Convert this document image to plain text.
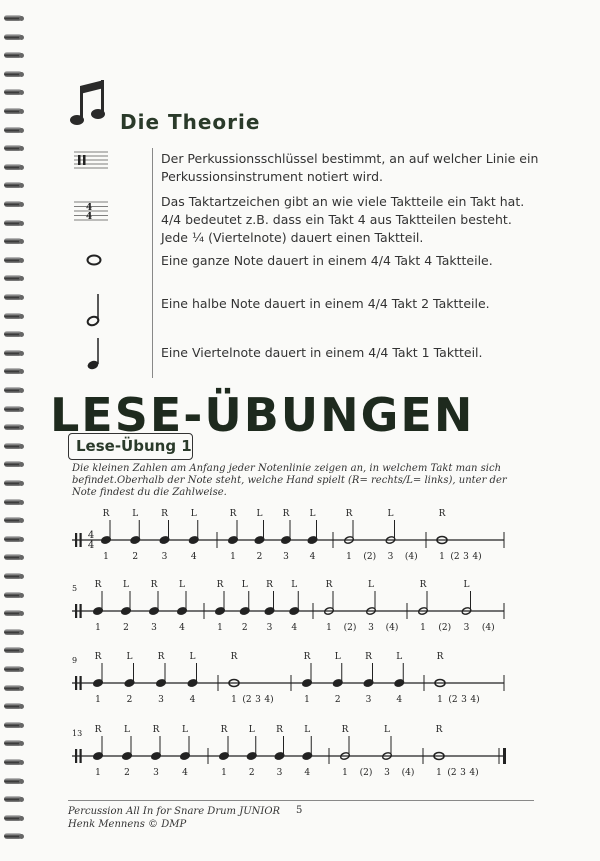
Die Theorie
Der Perkussionsschlüssel bestimmt, an auf welcher Linie ein Perkussionsinstrument notiert wird.
4
4
Das Taktartzeichen gibt an wie viele Taktteile ein Takt hat. 4/4 bedeutet z.B. dass ein Takt 4 aus Taktteilen besteht. Jede ¼ (Viertelnote) dauert einen Taktteil.
Eine ganze Note dauert in einem 4/4 Takt 4 Taktteile.
Eine halbe Note dauert in einem 4/4 Takt 2 Taktteile.
Eine Viertelnote dauert in einem 4/4 Takt 1 Taktteil.
LESE-ÜBUNGEN
Lese-Übung 1
Die kleinen Zahlen am Anfang jeder Notenlinie zeigen an, in welchem Takt man sich befindet.Oberhalb der Note steht, welche Hand spielt (R= rechts/L= links), unter der Note findest du die Zahlweise.
4
4
R	L	R	L
1	2	3	4
R L R L
1 2 3 4
R	L
1 (2) 3 (4)
R
1 (2 3 4)
5 R L R L
1 2 3 4
R L R L
1 2 3 4
R	L
1 (2) 3 (4)
R	L
1 (2) 3 (4)
9 R	L	R	L
1	2	3	4
R
1 (2 3 4)
R	L	R	L
1	2	3	4
R
1 (2 3 4)
13 R	L	R	L
1	2	3	4
R L R L
1 2 3 4
R	L
1 (2) 3 (4)
R
1 (2 3 4)
Percussion All In for Snare Drum JUNIOR
Henk Mennens © DMP
5
